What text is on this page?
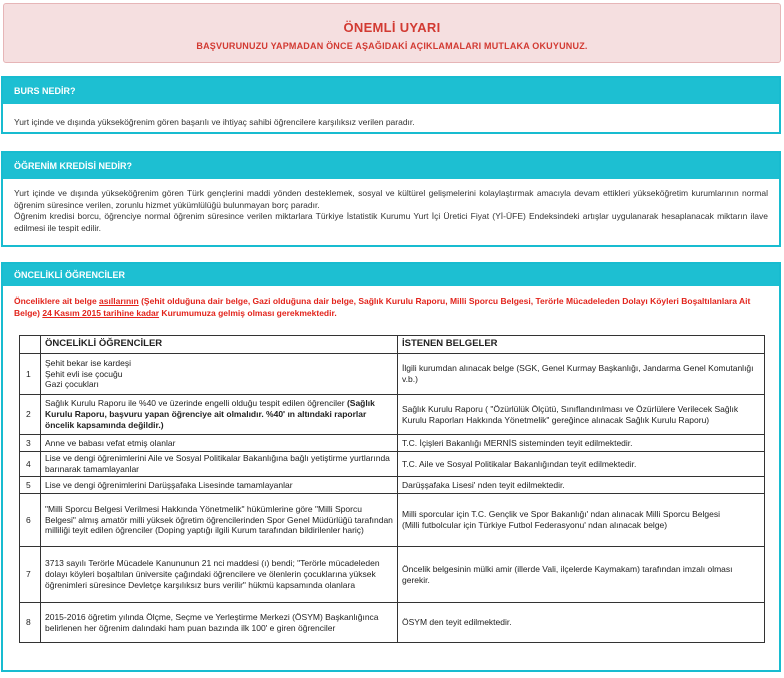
ÖNEMLİ UYARI
BAŞVURUNUZU YAPMADAN ÖNCE AŞAĞIDAKİ AÇIKLAMALARI MUTLAKA OKUYUNUZ.
BURS NEDİR?
Yurt içinde ve dışında yükseköğrenim gören başarılı ve ihtiyaç sahibi öğrencilere karşılıksız verilen paradır.
ÖĞRENİM KREDİSİ NEDİR?
Yurt içinde ve dışında yükseköğrenim gören Türk gençlerini maddi yönden desteklemek, sosyal ve kültürel gelişmelerini kolaylaştırmak amacıyla devam ettikleri yükseköğretim kurumlarının normal öğrenim süresince verilen, zorunlu hizmet yükümlülüğü bulunmayan borç paradır.
Öğrenim kredisi borcu, öğrenciye normal öğrenim süresince verilen miktarlara Türkiye İstatistik Kurumu Yurt İçi Üretici Fiyat (Yİ-ÜFE) Endeksindeki artışlar uygulanarak hesaplanacak miktarın ilave edilmesi ile tespit edilir.
ÖNCELİKLİ ÖĞRENCİLER
Önceliklere ait belge asıllarının (Şehit olduğuna dair belge, Gazi olduğuna dair belge, Sağlık Kurulu Raporu, Milli Sporcu Belgesi, Terörle Mücadeleden Dolayı Köyleri Boşaltılanlara Ait Belge) 24 Kasım 2015 tarihine kadar Kurumumuza gelmiş olması gerekmektedir.
	ÖNCELİKLİ ÖĞRENCİLER	İSTENEN BELGELER
1	Şehit bekar ise kardeşi
Şehit evli ise çocuğu
Gazi çocukları	İlgili kurumdan alınacak belge (SGK, Genel Kurmay Başkanlığı, Jandarma Genel Komutanlığı v.b.)
2	Sağlık Kurulu Raporu ile %40 ve üzerinde engelli olduğu tespit edilen öğrenciler (Sağlık Kurulu Raporu, başvuru yapan öğrenciye ait olmalıdır. %40' ın altındaki raporlar öncelik kapsamında değildir.)	Sağlık Kurulu Raporu ( "Özürlülük Ölçütü, Sınıflandırılması ve Özürlülere Verilecek Sağlık Kurulu Raporları Hakkında Yönetmelik" gereğince alınacak Sağlık Kurulu Raporu)
3	Anne ve babası vefat etmiş olanlar	T.C. İçişleri Bakanlığı MERNİS sisteminden teyit edilmektedir.
4	Lise ve dengi öğrenimlerini Aile ve Sosyal Politikalar Bakanlığına bağlı yetiştirme yurtlarında barınarak tamamlayanlar	T.C. Aile ve Sosyal Politikalar Bakanlığından teyit edilmektedir.
5	Lise ve dengi öğrenimlerini Darüşşafaka Lisesinde tamamlayanlar	Darüşşafaka Lisesi' nden teyit edilmektedir.
6	"Milli Sporcu Belgesi Verilmesi Hakkında Yönetmelik" hükümlerine göre "Milli Sporcu Belgesi" almış amatör milli yüksek öğretim öğrencilerinden Spor Genel Müdürlüğü tarafından milliliği teyit edilen öğrenciler (Doping yaptığı ilgili Kurum tarafından bildirilenler hariç)	Milli sporcular için T.C. Gençlik ve Spor Bakanlığı' ndan alınacak Milli Sporcu Belgesi
(Milli futbolcular için Türkiye Futbol Federasyonu' ndan alınacak belge)
7	3713 sayılı Terörle Mücadele Kanununun 21 nci maddesi (ı) bendi; "Terörle mücadeleden dolayı köyleri boşaltılan üniversite çağındaki öğrencilere ve ölenlerin çocuklarına yüksek öğrenimleri süresince Devletçe karşılıksız burs verilir" hükmü kapsamında olanlara	Öncelik belgesinin mülki amir (illerde Vali, ilçelerde Kaymakam) tarafından imzalı olması gerekir.
8	2015-2016 öğretim yılında Ölçme, Seçme ve Yerleştirme Merkezi (ÖSYM) Başkanlığınca belirlenen her öğrenim dalındaki ham puan bazında ilk 100' e giren öğrenciler	ÖSYM den teyit edilmektedir.
